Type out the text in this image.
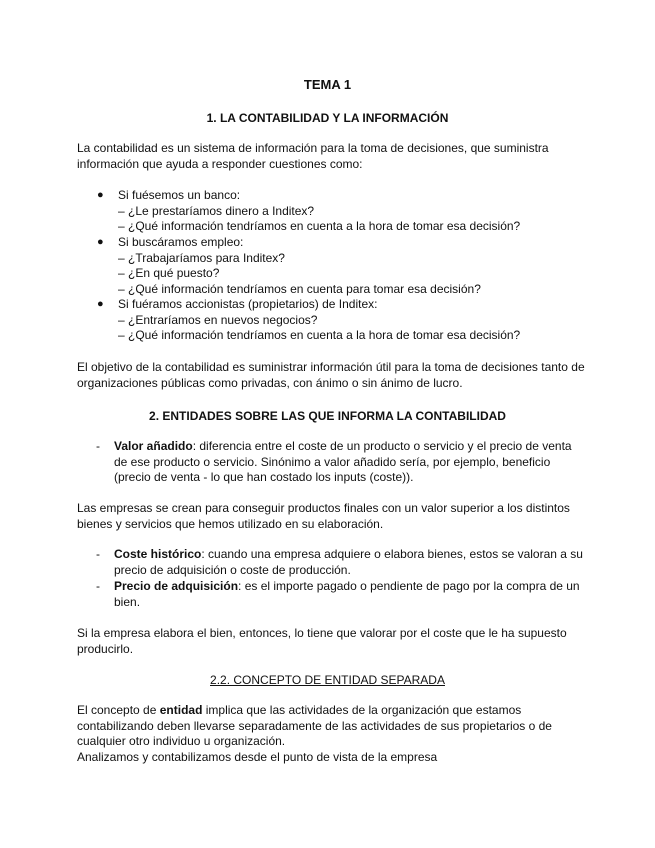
TEMA 1
1. LA CONTABILIDAD Y LA INFORMACIÓN
La contabilidad es un sistema de información para la toma de decisiones, que suministra
información que ayuda a responder cuestiones como:
● Si fuésemos un banco:
– ¿Le prestaríamos dinero a Inditex?
– ¿Qué información tendríamos en cuenta a la hora de tomar esa decisión?
● Si buscáramos empleo:
– ¿Trabajaríamos para Inditex?
– ¿En qué puesto?
– ¿Qué información tendríamos en cuenta para tomar esa decisión?
● Si fuéramos accionistas (propietarios) de Inditex:
– ¿Entraríamos en nuevos negocios?
– ¿Qué información tendríamos en cuenta a la hora de tomar esa decisión?
El objetivo de la contabilidad es suministrar información útil para la toma de decisiones tanto de
organizaciones públicas como privadas, con ánimo o sin ánimo de lucro.
2. ENTIDADES SOBRE LAS QUE INFORMA LA CONTABILIDAD
- Valor añadido: diferencia entre el coste de un producto o servicio y el precio de venta
de ese producto o servicio. Sinónimo a valor añadido sería, por ejemplo, beneficio
(precio de venta - lo que han costado los inputs (coste)).
Las empresas se crean para conseguir productos finales con un valor superior a los distintos
bienes y servicios que hemos utilizado en su elaboración.
- Coste histórico: cuando una empresa adquiere o elabora bienes, estos se valoran a su
precio de adquisición o coste de producción.
- Precio de adquisición: es el importe pagado o pendiente de pago por la compra de un
bien.
Si la empresa elabora el bien, entonces, lo tiene que valorar por el coste que le ha supuesto
producirlo.
2.2. CONCEPTO DE ENTIDAD SEPARADA
El concepto de entidad implica que las actividades de la organización que estamos
contabilizando deben llevarse separadamente de las actividades de sus propietarios o de
cualquier otro individuo u organización.
Analizamos y contabilizamos desde el punto de vista de la empresa
